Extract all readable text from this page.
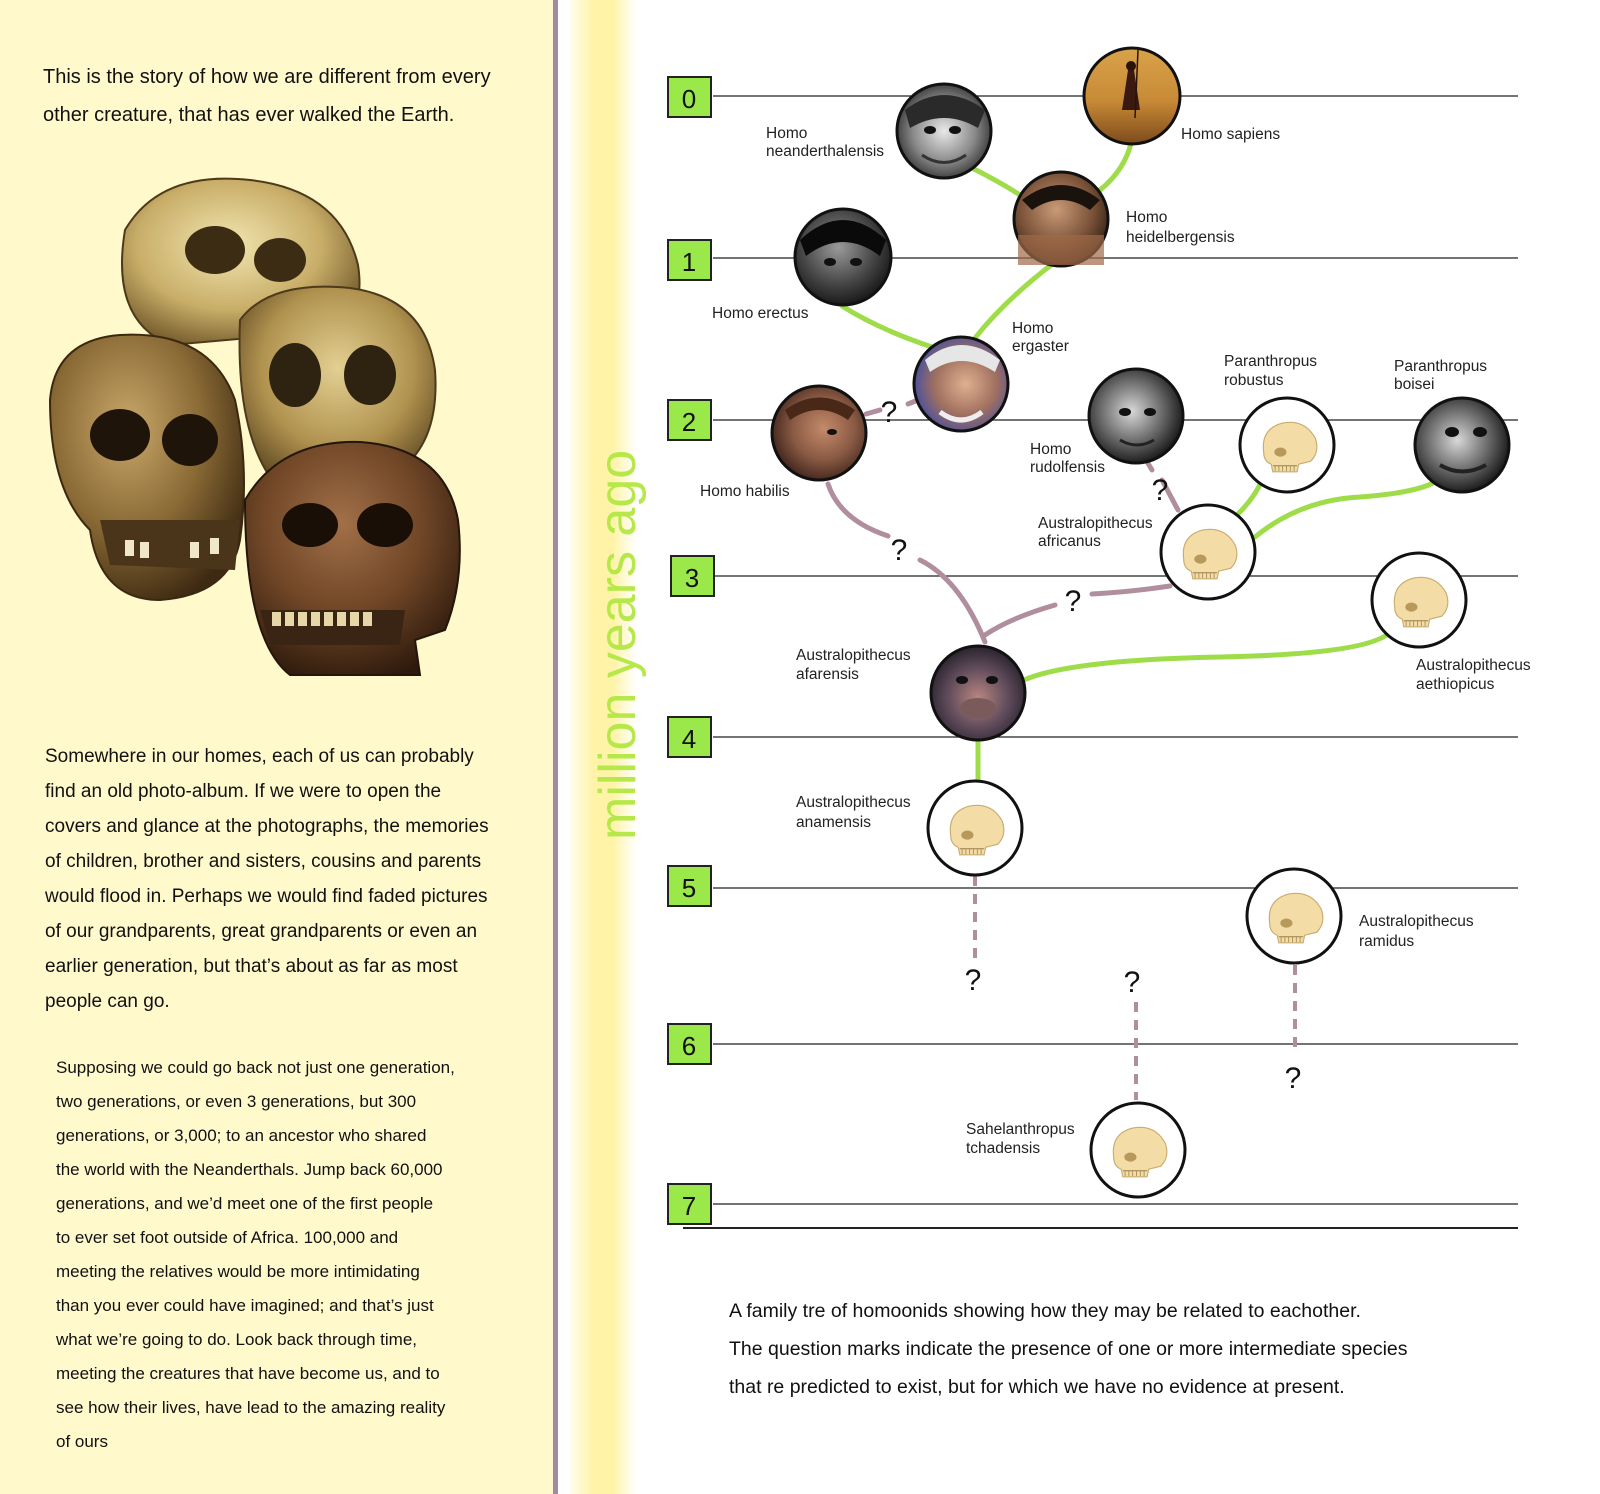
million years ago
This is the story of how we are different from every
other creature, that has ever walked the Earth.
Somewhere in our homes, each of us can probably
find an old photo-album. If we were to open the
covers and glance at the photographs, the memories
of children, brother and sisters, cousins and parents
would flood in. Perhaps we would find faded pictures
of our grandparents, great grandparents or even an
earlier generation, but that’s about as far as most
people can go.
Supposing we could go back not just one generation,
two generations, or even 3 generations, but 300
generations, or 3,000; to an ancestor who shared
the world with the Neanderthals. Jump back 60,000
generations, and we’d meet one of the first people
to ever set foot outside of Africa. 100,000 and
meeting the relatives would be more intimidating
than you ever could have imagined; and that’s just
what we’re going to do. Look back through time,
meeting the creatures that have become us, and to
see how their lives, have lead to the amazing reality
of ours
0
1
2
3
4
5
6
7
?
?
?
?
?	?
?
Homo sapiens
Homo
neanderthalensis
Homo
heidelbergensis
Homo erectus
Homo
ergaster
Paranthropus
robustus
Paranthropus
boisei
Homo
rudolfensis
Homo habilis
Australopithecus
africanus
Australopithecus
afarensis
Australopithecus
aethiopicus
Australopithecus
anamensis
Australopithecus
ramidus
Sahelanthropus
tchadensis
A family tre of homoonids showing how they may be related to eachother.
The question marks indicate the presence of one or more intermediate species
that re predicted to exist, but for which we have no evidence at present.
